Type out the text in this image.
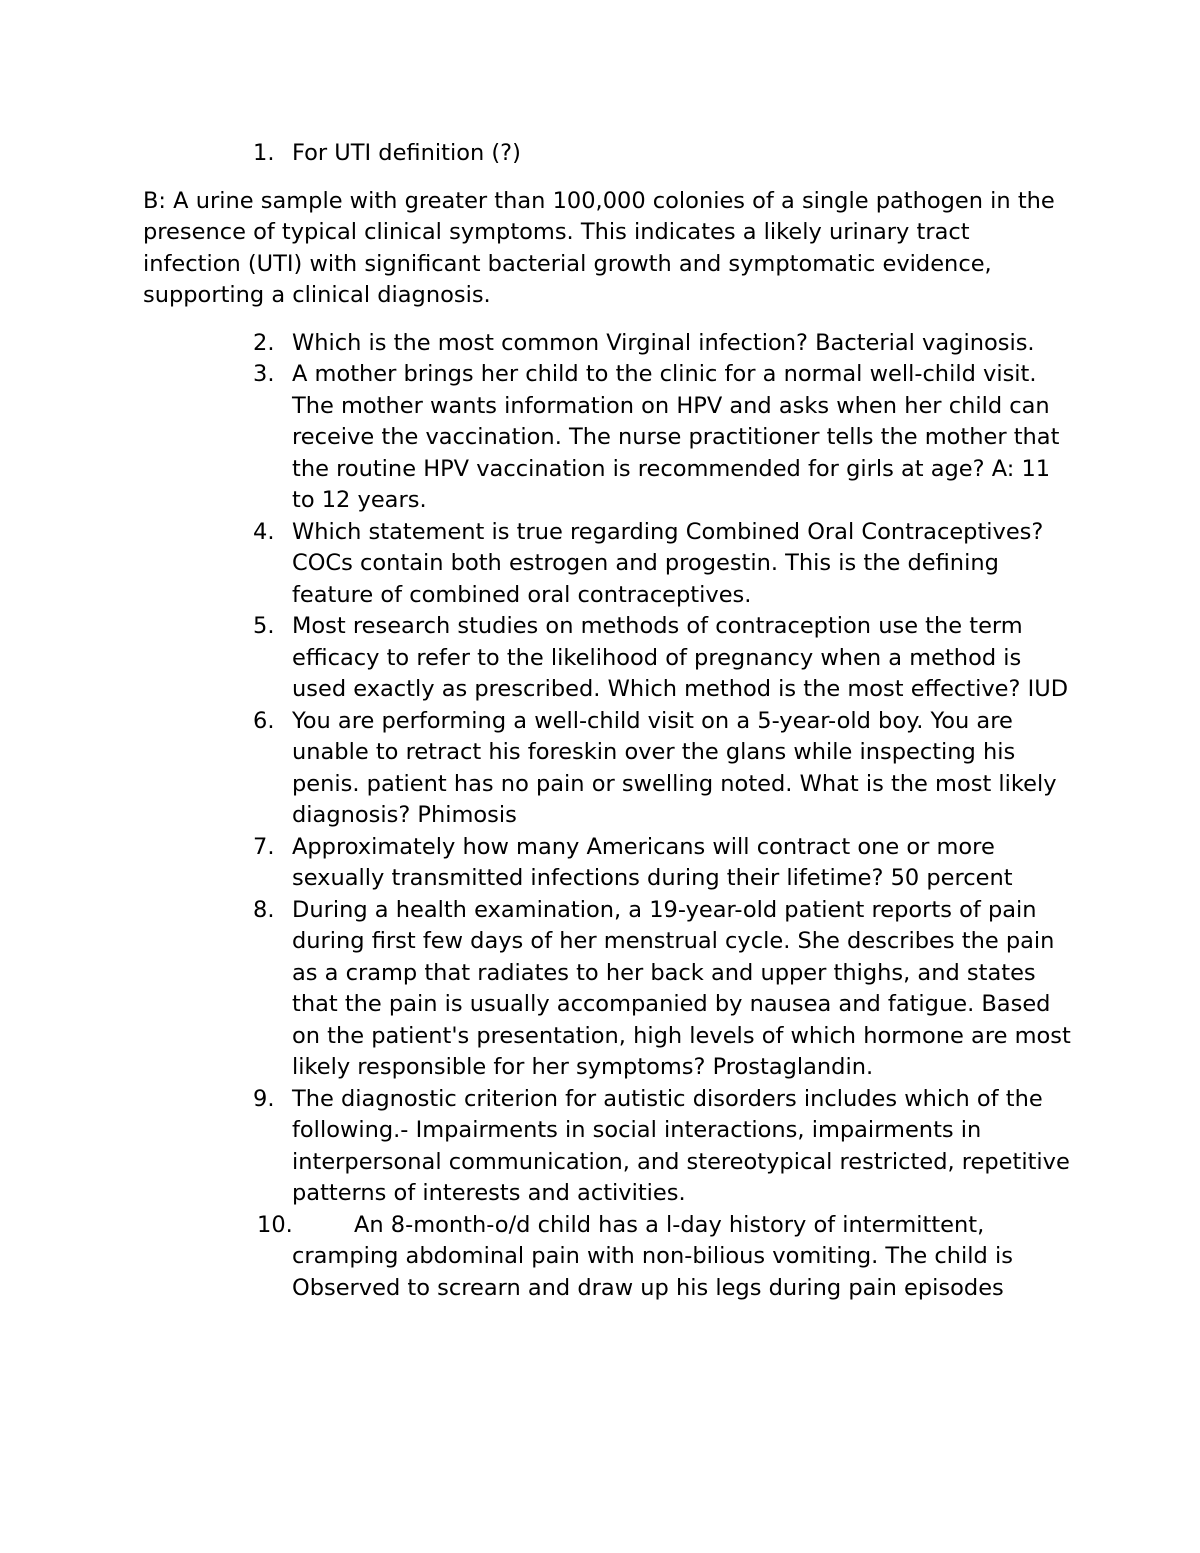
1. For UTI definition (?)

B: A urine sample with greater than 100,000 colonies of a single pathogen in the presence of typical clinical symptoms. This indicates a likely urinary tract infection (UTI) with significant bacterial growth and symptomatic evidence, supporting a clinical diagnosis.

2. Which is the most common Virginal infection? Bacterial vaginosis.
3. A mother brings her child to the clinic for a normal well-child visit. The mother wants information on HPV and asks when her child can receive the vaccination. The nurse practitioner tells the mother that the routine HPV vaccination is recommended for girls at age? A: 11 to 12 years.
4. Which statement is true regarding Combined Oral Contraceptives? COCs contain both estrogen and progestin. This is the defining feature of combined oral contraceptives.
5. Most research studies on methods of contraception use the term efficacy to refer to the likelihood of pregnancy when a method is used exactly as prescribed. Which method is the most effective? IUD
6. You are performing a well-child visit on a 5-year-old boy. You are unable to retract his foreskin over the glans while inspecting his penis. patient has no pain or swelling noted. What is the most likely diagnosis? Phimosis
7. Approximately how many Americans will contract one or more sexually transmitted infections during their lifetime? 50 percent
8. During a health examination, a 19-year-old patient reports of pain during first few days of her menstrual cycle. She describes the pain as a cramp that radiates to her back and upper thighs, and states that the pain is usually accompanied by nausea and fatigue. Based on the patient's presentation, high levels of which hormone are most likely responsible for her symptoms? Prostaglandin.
9. The diagnostic criterion for autistic disorders includes which of the following.- Impairments in social interactions, impairments in interpersonal communication, and stereotypical restricted, repetitive patterns of interests and activities.
10.	An 8-month-o/d child has a l-day history of intermittent, cramping abdominal pain with non-bilious vomiting. The child is Observed to screarn and draw up his legs during pain episodes
